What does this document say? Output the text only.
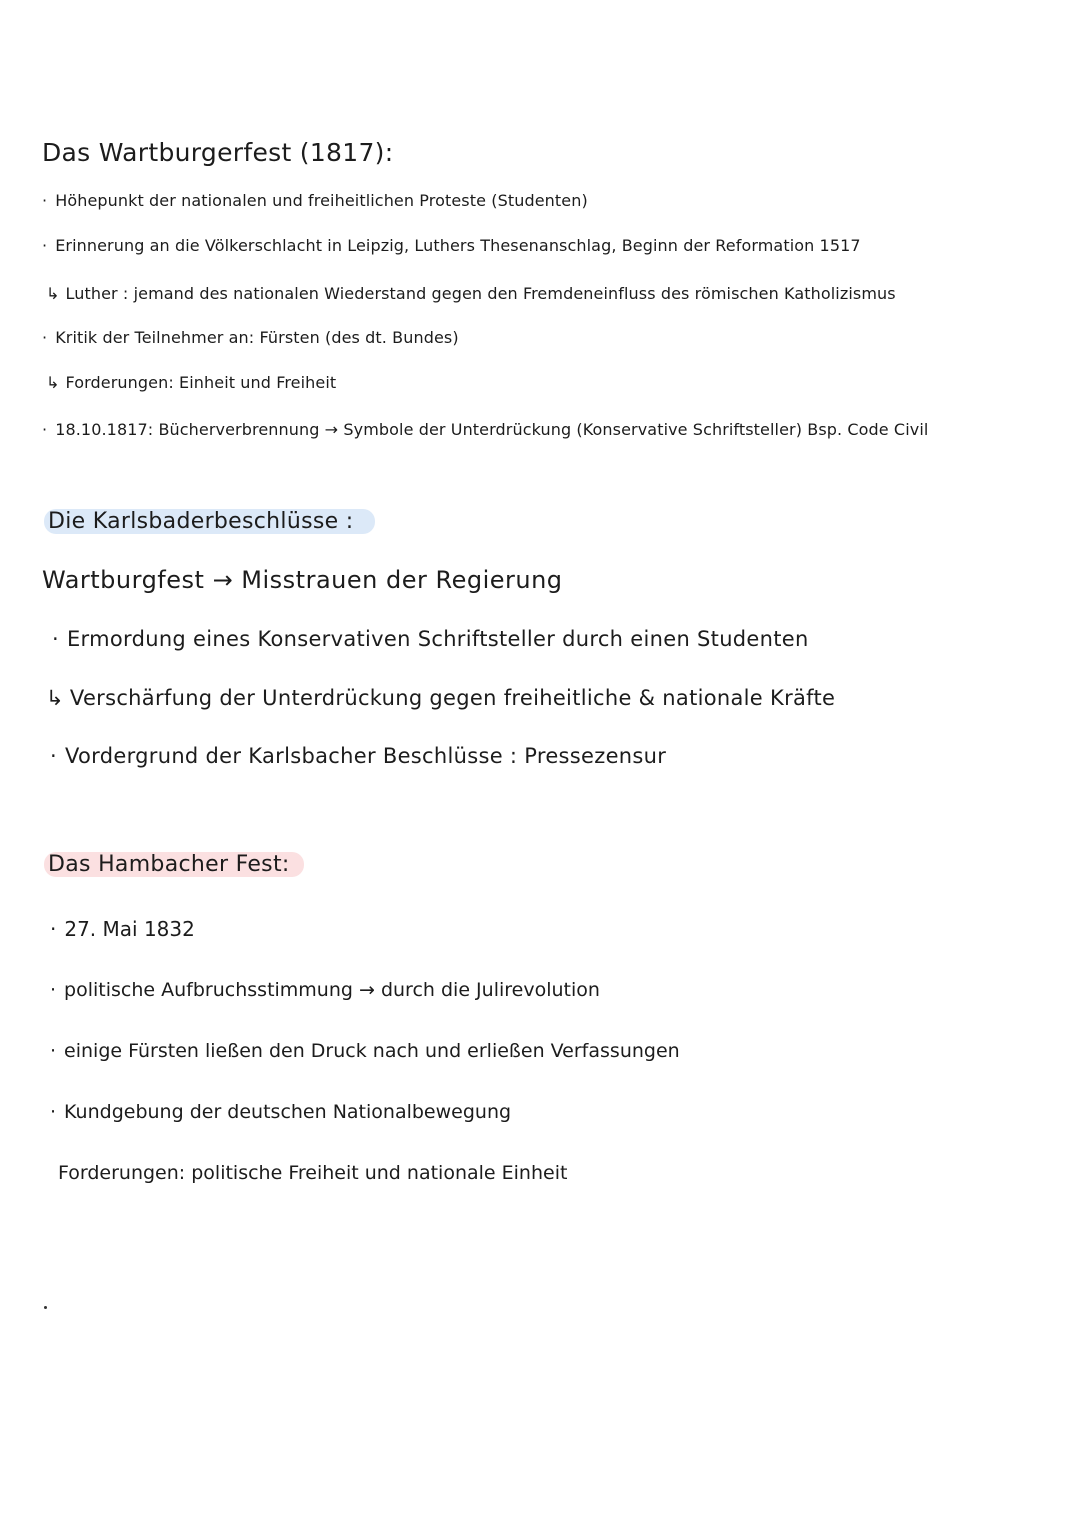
Das Wartburgerfest (1817):
· Höhepunkt der nationalen und freiheitlichen Proteste (Studenten)
· Erinnerung an die Völkerschlacht in Leipzig, Luthers Thesenanschlag, Beginn der Reformation 1517
↳ Luther : jemand des nationalen Wiederstand gegen den Fremdeneinfluss des römischen Katholizismus
· Kritik der Teilnehmer an: Fürsten (des dt. Bundes)
↳ Forderungen: Einheit und Freiheit
· 18.10.1817: Bücherverbrennung → Symbole der Unterdrückung (Konservative Schriftsteller) Bsp. Code Civil
Die Karlsbaderbeschlüsse :
Wartburgfest → Misstrauen der Regierung
· Ermordung eines Konservativen Schriftsteller durch einen Studenten
↳ Verschärfung der Unterdrückung gegen freiheitliche & nationale Kräfte
· Vordergrund der Karlsbacher Beschlüsse : Pressezensur
Das Hambacher Fest:
· 27. Mai 1832
· politische Aufbruchsstimmung → durch die Julirevolution
· einige Fürsten ließen den Druck nach und erließen Verfassungen
· Kundgebung der deutschen Nationalbewegung
Forderungen: politische Freiheit und nationale Einheit
